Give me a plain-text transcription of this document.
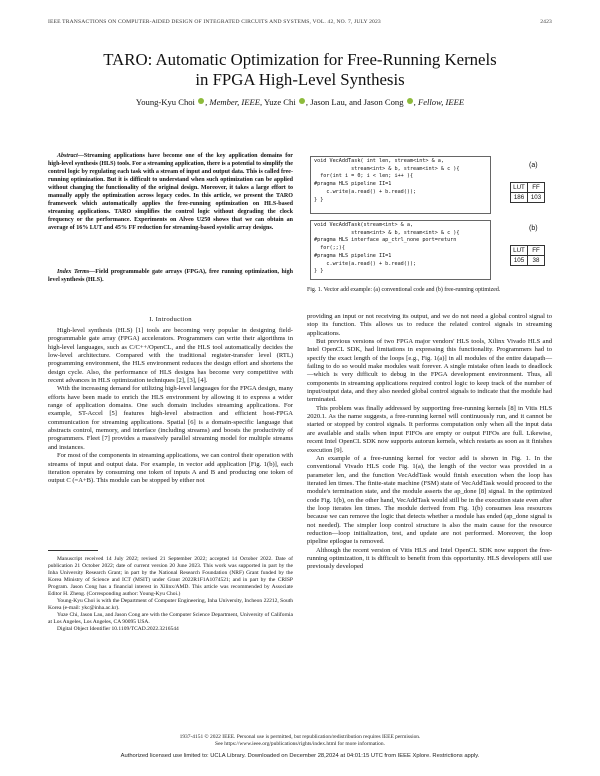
IEEE TRANSACTIONS ON COMPUTER-AIDED DESIGN OF INTEGRATED CIRCUITS AND SYSTEMS, VOL. 42, NO. 7, JULY 2023	2423
TARO: Automatic Optimization for Free-Running Kernels
in FPGA High-Level Synthesis
Young-Kyu Choi , Member, IEEE, Yuze Chi , Jason Lau, and Jason Cong , Fellow, IEEE

Abstract—Streaming applications have become one of the key application domains for high-level synthesis (HLS) tools. For a streaming application, there is a potential to simplify the control logic by regulating each task with a stream of input and output data. This is called free-running optimization. But it is difficult to understand when such optimization can be applied without changing the functionality of the original design. Moreover, it takes a large effort to manually apply the optimization across legacy codes. In this article, we present the TARO framework which automatically applies the free-running optimization on HLS-based streaming applications. TARO simplifies the control logic without degrading the clock frequency or the performance. Experiments on Alveo U250 shows that we can obtain an average of 16% LUT and 45% FF reduction for streaming-based systolic array designs.

Index Terms—Field programmable gate arrays (FPGA), free running optimization, high level synthesis (HLS).

I. Introduction

High-level synthesis (HLS) [1] tools are becoming very popular in designing field-programmable gate array (FPGA) accelerators. Programmers can write their algorithms in high-level languages, such as C/C++/OpenCL, and the HLS tool automatically decides the low-level architecture. Compared with the traditional register-transfer level (RTL) programming environment, the HLS environment reduces the design effort and shortens the design cycle. Also, the performance of HLS designs has become very competitive with recent advances in HLS optimization techniques [2], [3], [4].

With the increasing demand for utilizing high-level languages for the FPGA design, many efforts have been made to enrich the HLS environment by allowing it to express a wider range of application domains. One such domain includes streaming applications. For example, ST-Accel [5] features high-level abstraction and efficient host-FPGA communication for streaming applications. Spatial [6] is a domain-specific language that abstracts control, memory, and interface (including streams) and boosts the productivity of programmers. Fleet [7] provides a massively parallel streaming model for multiple streams and instances.

For most of the components in streaming applications, we can control their operation with streams of input and output data. For example, in vector add application [Fig. 1(b)], each iteration operates by consuming one token of inputs A and B and producing one token of output C (=A+B). This module can be stopped by either not

Manuscript received 14 July 2022; revised 21 September 2022; accepted 14 October 2022. Date of publication 21 October 2022; date of current version 20 June 2023. This work was supported in part by the Inha University Research Grant; in part by the National Research Foundation (NRF) Grant funded by the Korea Ministry of Science and ICT (MSIT) under Grant 2022R1F1A1074521; and in part by the CRISP Program. Jason Cong has a financial interest in Xilinx/AMD. This article was recommended by Associate Editor H. Zheng. (Corresponding author: Young-Kyu Choi.)

Young-Kyu Choi is with the Department of Computer Engineering, Inha University, Incheon 22212, South Korea (e-mail: ykc@inha.ac.kr).

Yuze Chi, Jason Lau, and Jason Cong are with the Computer Science Department, University of California at Los Angeles, Los Angeles, CA 90095 USA.

Digital Object Identifier 10.1109/TCAD.2022.3216544

void VecAddTask( int len, stream<int> & a,
stream<int> & b, stream<int> & c ){
for(int i = 0; i < len; i++ ){
#pragma HLS pipeline II=1
c.write(a.read() + b.read());
} }
(a)
LUT	FF
186	103
void VecAddTask(stream<int> & a,
stream<int> & b, stream<int> & c ){
#pragma HLS interface ap_ctrl_none port=return
for(;;){
#pragma HLS pipeline II=1
c.write(a.read() + b.read());
} }
(b)
LUT	FF
105	38
Fig. 1. Vector add example: (a) conventional code and (b) free-running optimized.

providing an input or not receiving its output, and we do not need a global control signal to stop its function. This allows us to reduce the related control signals in streaming applications.

But previous versions of two FPGA major vendors' HLS tools, Xilinx Vivado HLS and Intel OpenCL SDK, had limitations in expressing this functionality. Programmers had to specify the exact length of the loops [e.g., Fig. 1(a)] in all modules of the entire datapath—failing to do so would make modules wait forever. A single mistake often leads to deadlock—which is very difficult to debug in the FPGA development environment. Thus, all components in streaming applications required control logic to keep track of the number of input/output data, and they also needed global control signals to indicate that the module had terminated.

This problem was finally addressed by supporting free-running kernels [8] in Vitis HLS 2020.1. As the name suggests, a free-running kernel will continuously run, and it cannot be started or stopped by control signals. It performs computation only when all the input data are available and stalls when input FIFOs are empty or output FIFOs are full. Likewise, recent Intel OpenCL SDK now supports autorun kernels, which restarts as soon as it finishes execution [9].

An example of a free-running kernel for vector add is shown in Fig. 1. In the conventional Vivado HLS code Fig. 1(a), the length of the vector was provided in a parameter len, and the function VecAddTask would finish execution when the loop has iterated len times. The finite-state machine (FSM) state of VecAddTask would proceed to the module's termination state, and the module asserts the ap_done [8] signal. In the optimized code Fig. 1(b), on the other hand, VecAddTask would still be in the execution state even after the loop iterates len times. The module derived from Fig. 1(b) consumes less resources because we can remove the logic that detects whether a module has ended (ap_done signal is not needed). The simpler loop control structure is also the main cause for the resource reduction—loop initialization, test, and update are not performed. Moreover, the loop pipeline epilogue is removed.

Although the recent version of Vitis HLS and Intel OpenCL SDK now support the free-running optimization, it is difficult to benefit from this opportunity. HLS developers still use previously developed

1937-4151 © 2022 IEEE. Personal use is permitted, but republication/redistribution requires IEEE permission.
See https://www.ieee.org/publications/rights/index.html for more information.
Authorized licensed use limited to: UCLA Library. Downloaded on December 28,2024 at 04:01:15 UTC from IEEE Xplore. Restrictions apply.
